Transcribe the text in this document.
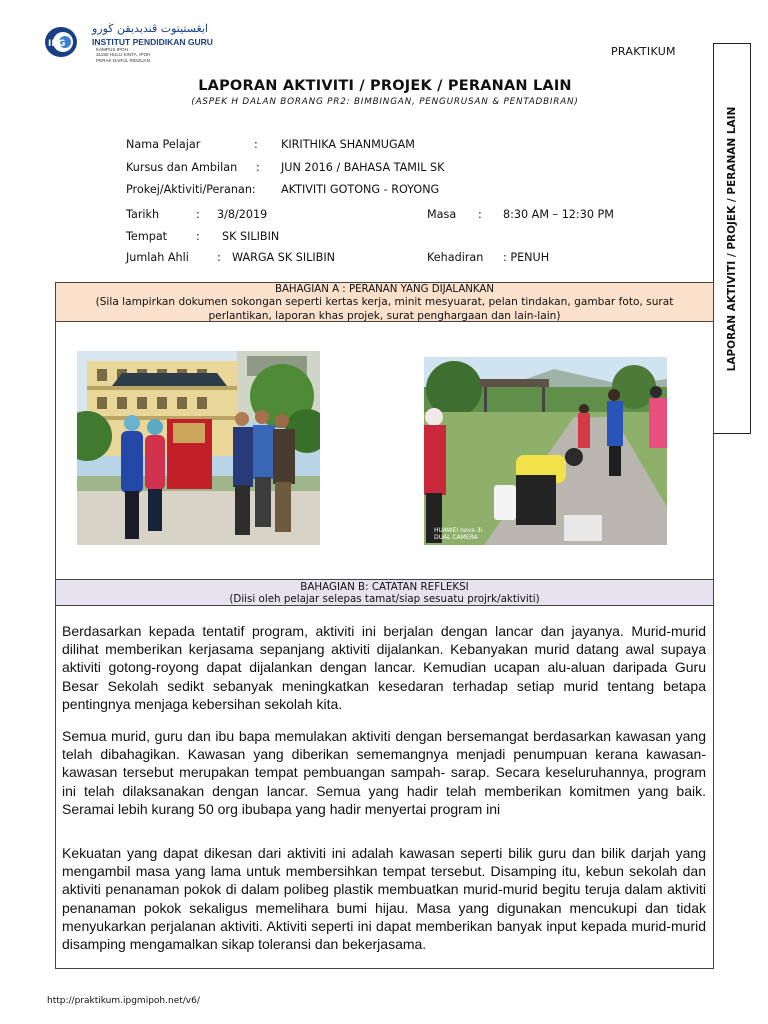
IPG
ايڠستيتوت ڤنديديقن ڬورو
INSTITUT PENDIDIKAN GURU
KAMPUS IPOH
31150 HULU KINTA, IPOH
PERAK DARUL RIDZUAN
PRAKTIKUM
LAPORAN AKTIVITI / PROJEK / PERANAN LAIN
LAPORAN AKTIVITI / PROJEK / PERANAN LAIN
(ASPEK H DALAN BORANG PR2: BIMBINGAN, PENGURUSAN & PENTADBIRAN)
Nama Pelajar	: KIRITHIKA SHANMUGAM
Kursus dan Ambilan : JUN 2016 / BAHASA TAMIL SK
Prokej/Aktiviti/Peranan: AKTIVITI GOTONG - ROYONG
Tarikh	: 3/8/2019	Masa : 8:30 AM – 12:30 PM
Tempat	: SK SILIBIN
Jumlah Ahli	: WARGA SK SILIBIN	Kehadiran : PENUH
BAHAGIAN A : PERANAN YANG DIJALANKAN
(Sila lampirkan dokumen sokongan seperti kertas kerja, minit mesyuarat, pelan tindakan, gambar foto, surat
perlantikan, laporan khas projek, surat penghargaan dan lain-lain)
HUAWEI nova 3i
DUAL CAMERA
BAHAGIAN B: CATATAN REFLEKSI
(Diisi oleh pelajar selepas tamat/siap sesuatu projrk/aktiviti)
Berdasarkan kepada tentatif program, aktiviti ini berjalan dengan lancar dan jayanya. Murid-murid dilihat memberikan kerjasama sepanjang aktiviti dijalankan. Kebanyakan murid datang awal supaya aktiviti gotong-royong dapat dijalankan dengan lancar. Kemudian ucapan alu-aluan daripada Guru Besar Sekolah sedikt sebanyak meningkatkan kesedaran terhadap setiap murid tentang betapa pentingnya menjaga kebersihan sekolah kita.
Semua murid, guru dan ibu bapa memulakan aktiviti dengan bersemangat berdasarkan kawasan yang telah dibahagikan. Kawasan yang diberikan sememangnya menjadi penumpuan kerana kawasan-kawasan tersebut merupakan tempat pembuangan sampah- sarap. Secara keseluruhannya, program ini telah dilaksanakan dengan lancar. Semua yang hadir telah memberikan komitmen yang baik. Seramai lebih kurang 50 org ibubapa yang hadir menyertai program ini
Kekuatan yang dapat dikesan dari aktiviti ini adalah kawasan seperti bilik guru dan bilik darjah yang mengambil masa yang lama untuk membersihkan tempat tersebut. Disamping itu, kebun sekolah dan aktiviti penanaman pokok di dalam polibeg plastik membuatkan murid-murid begitu teruja dalam aktiviti penanaman pokok sekaligus memelihara bumi hijau. Masa yang digunakan mencukupi dan tidak menyukarkan perjalanan aktiviti. Aktiviti seperti ini dapat memberikan banyak input kepada murid-murid disamping mengamalkan sikap toleransi dan bekerjasama.
http://praktikum.ipgmipoh.net/v6/
